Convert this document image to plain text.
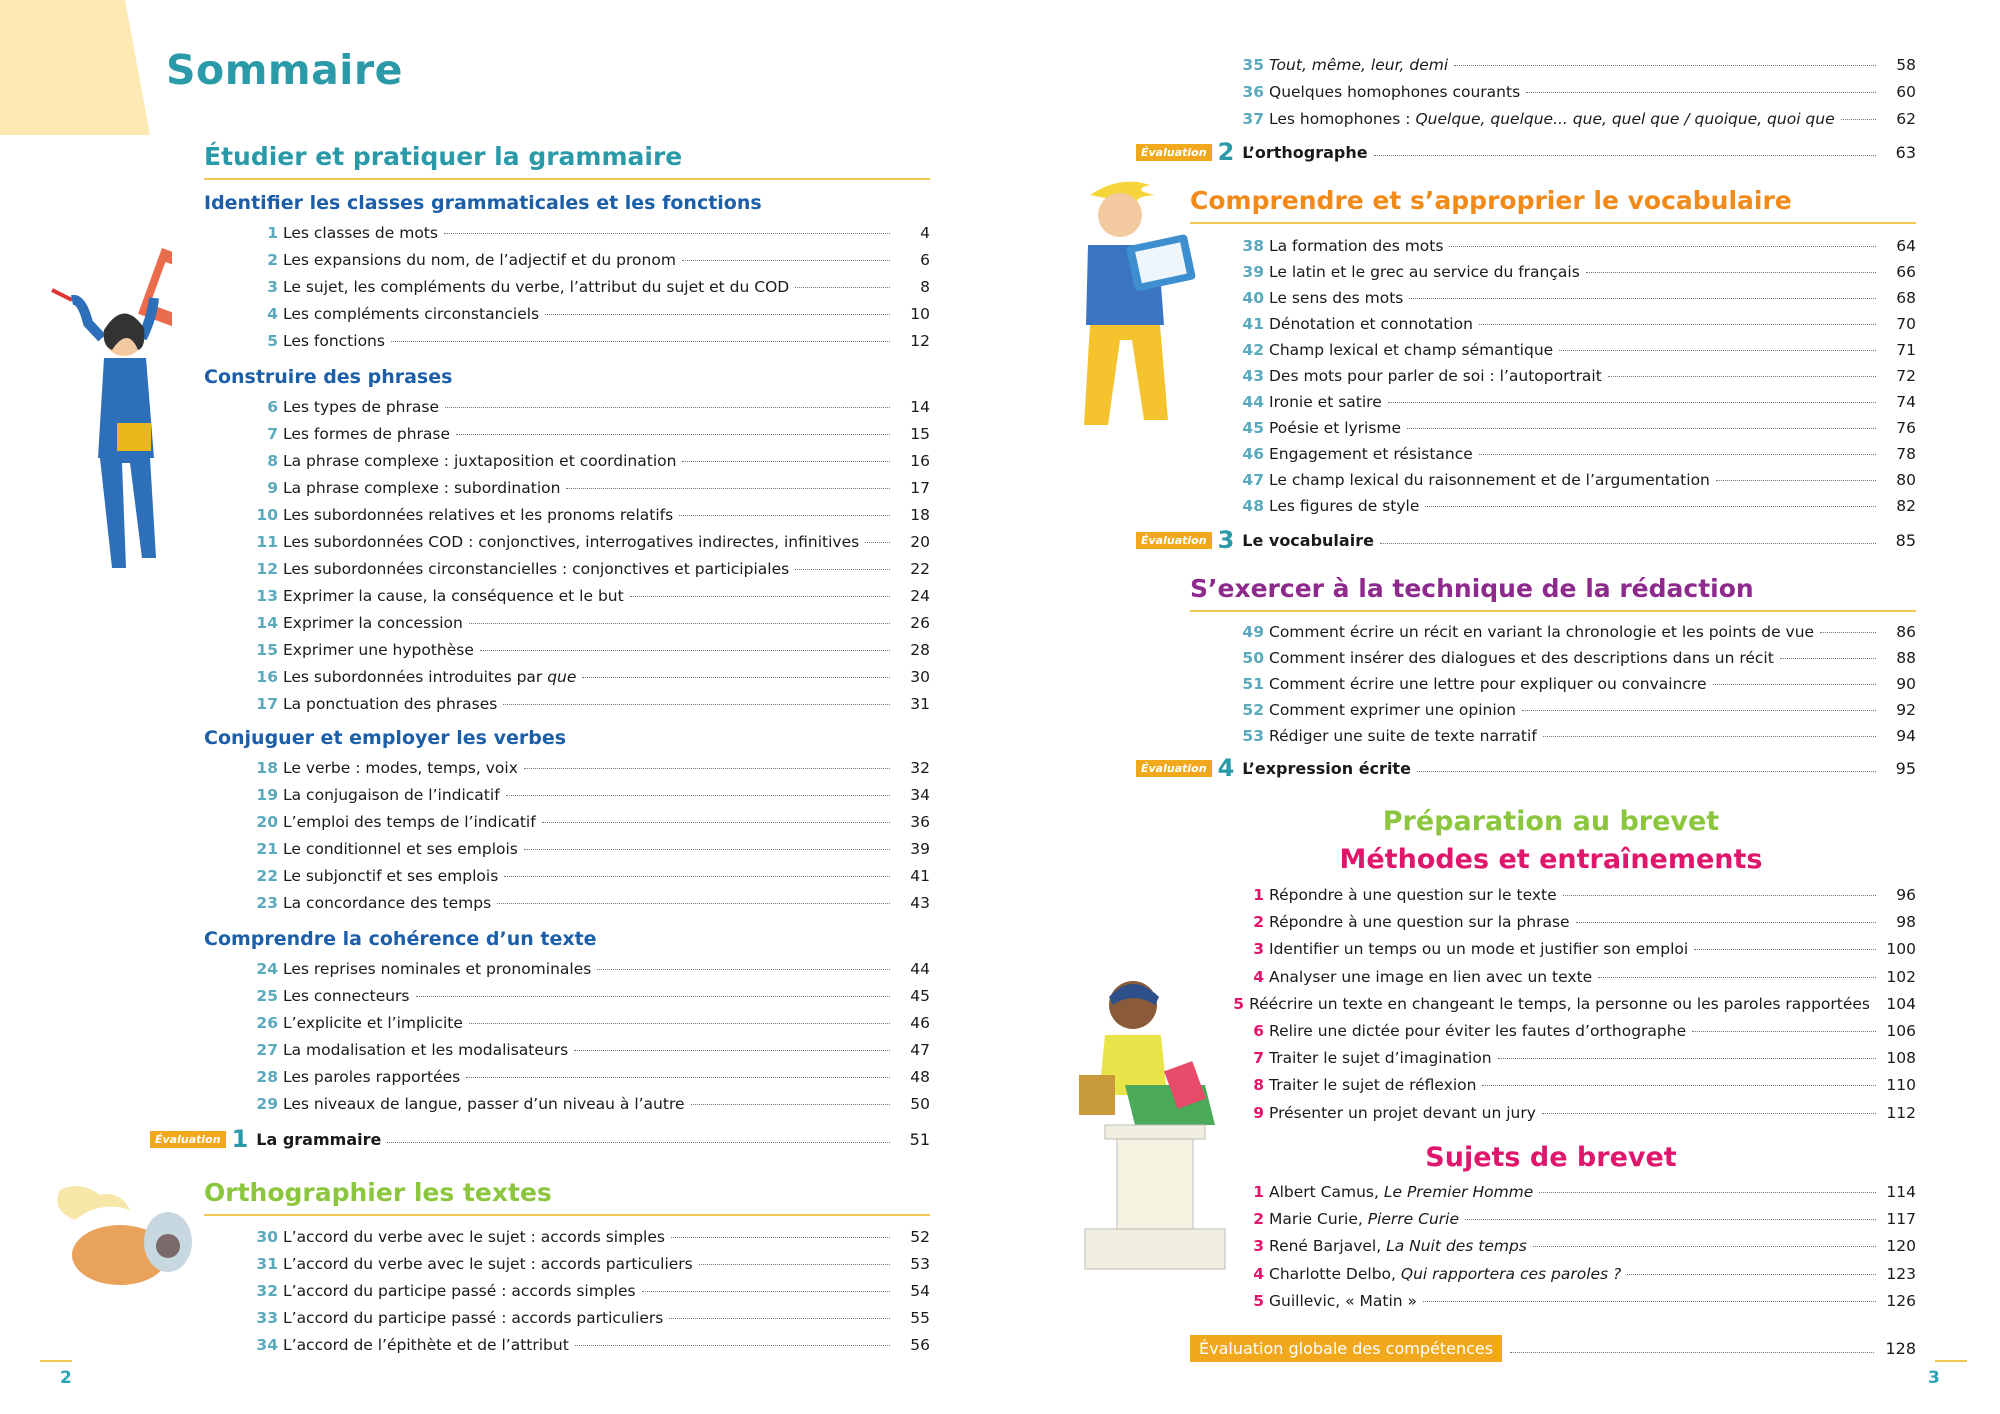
Sommaire
Étudier et pratiquer la grammaire
Identifier les classes grammaticales et les fonctions
1 Les classes de mots	4
2 Les expansions du nom, de l’adjectif et du pronom	6
3 Le sujet, les compléments du verbe, l’attribut du sujet et du COD	8
4 Les compléments circonstanciels	10
5 Les fonctions	12
Construire des phrases
6 Les types de phrase	14
7 Les formes de phrase	15
8 La phrase complexe : juxtaposition et coordination	16
9 La phrase complexe : subordination	17
10 Les subordonnées relatives et les pronoms relatifs	18
11 Les subordonnées COD : conjonctives, interrogatives indirectes, infinitives	20
12 Les subordonnées circonstancielles : conjonctives et participiales	22
13 Exprimer la cause, la conséquence et le but	24
14 Exprimer la concession	26
15 Exprimer une hypothèse	28
16 Les subordonnées introduites par que	30
17 La ponctuation des phrases	31
Conjuguer et employer les verbes
18 Le verbe : modes, temps, voix	32
19 La conjugaison de l’indicatif	34
20 L’emploi des temps de l’indicatif	36
21 Le conditionnel et ses emplois	39
22 Le subjonctif et ses emplois	41
23 La concordance des temps	43
Comprendre la cohérence d’un texte
24 Les reprises nominales et pronominales	44
25 Les connecteurs	45
26 L’explicite et l’implicite	46
27 La modalisation et les modalisateurs	47
28 Les paroles rapportées	48
29 Les niveaux de langue, passer d’un niveau à l’autre	50
Évaluation 1 La grammaire	51
Orthographier les textes
30 L’accord du verbe avec le sujet : accords simples	52
31 L’accord du verbe avec le sujet : accords particuliers	53
32 L’accord du participe passé : accords simples	54
33 L’accord du participe passé : accords particuliers	55
34 L’accord de l’épithète et de l’attribut	56
35 Tout, même, leur, demi	58
36 Quelques homophones courants	60
37 Les homophones : Quelque, quelque... que, quel que / quoique, quoi que	62
Évaluation 2 L’orthographe	63
Comprendre et s’approprier le vocabulaire
38 La formation des mots	64
39 Le latin et le grec au service du français	66
40 Le sens des mots	68
41 Dénotation et connotation	70
42 Champ lexical et champ sémantique	71
43 Des mots pour parler de soi : l’autoportrait	72
44 Ironie et satire	74
45 Poésie et lyrisme	76
46 Engagement et résistance	78
47 Le champ lexical du raisonnement et de l’argumentation	80
48 Les figures de style	82
Évaluation 3 Le vocabulaire	85
S’exercer à la technique de la rédaction
49 Comment écrire un récit en variant la chronologie et les points de vue	86
50 Comment insérer des dialogues et des descriptions dans un récit	88
51 Comment écrire une lettre pour expliquer ou convaincre	90
52 Comment exprimer une opinion	92
53 Rédiger une suite de texte narratif	94
Évaluation 4 L’expression écrite	95
Préparation au brevet
Méthodes et entraînements
1 Répondre à une question sur le texte	96
2 Répondre à une question sur la phrase	98
3 Identifier un temps ou un mode et justifier son emploi	100
4 Analyser une image en lien avec un texte	102
5 Réécrire un texte en changeant le temps, la personne ou les paroles rapportées 104
6 Relire une dictée pour éviter les fautes d’orthographe	106
7 Traiter le sujet d’imagination	108
8 Traiter le sujet de réflexion	110
9 Présenter un projet devant un jury	112
Sujets de brevet
1 Albert Camus, Le Premier Homme	114
2 Marie Curie, Pierre Curie	117
3 René Barjavel, La Nuit des temps	120
4 Charlotte Delbo, Qui rapportera ces paroles ?	123
5 Guillevic, « Matin »	126
Évaluation globale des compétences	128
2	3
